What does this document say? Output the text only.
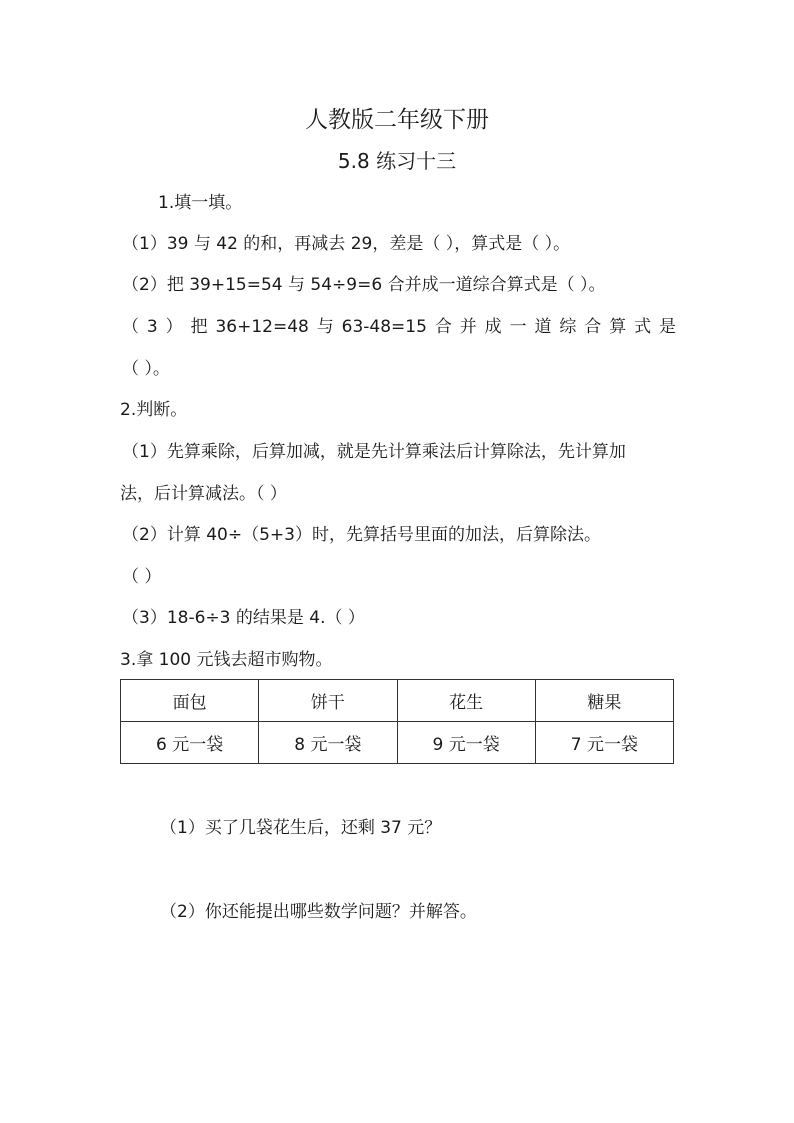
人教版二年级下册
5.8 练习十三
1.填一填。
（1）39 与 42 的和，再减去 29，差是（ ），算式是（ ）。
（2）把 39+15=54 与 54÷9=6 合并成一道综合算式是（ ）。
（ 3 ） 把 36+12=48 与 63-48=15 合 并 成 一 道 综 合 算 式 是
（ ）。
2.判断。
（1）先算乘除，后算加减，就是先计算乘法后计算除法，先计算加
法，后计算减法。（ ）
（2）计算 40÷（5+3）时，先算括号里面的加法，后算除法。
（ ）
（3）18-6÷3 的结果是 4.（ ）
3.拿 100 元钱去超市购物。
面包	饼干	花生	糖果
6 元一袋	8 元一袋	9 元一袋	7 元一袋
（1）买了几袋花生后，还剩 37 元？
（2）你还能提出哪些数学问题？并解答。
